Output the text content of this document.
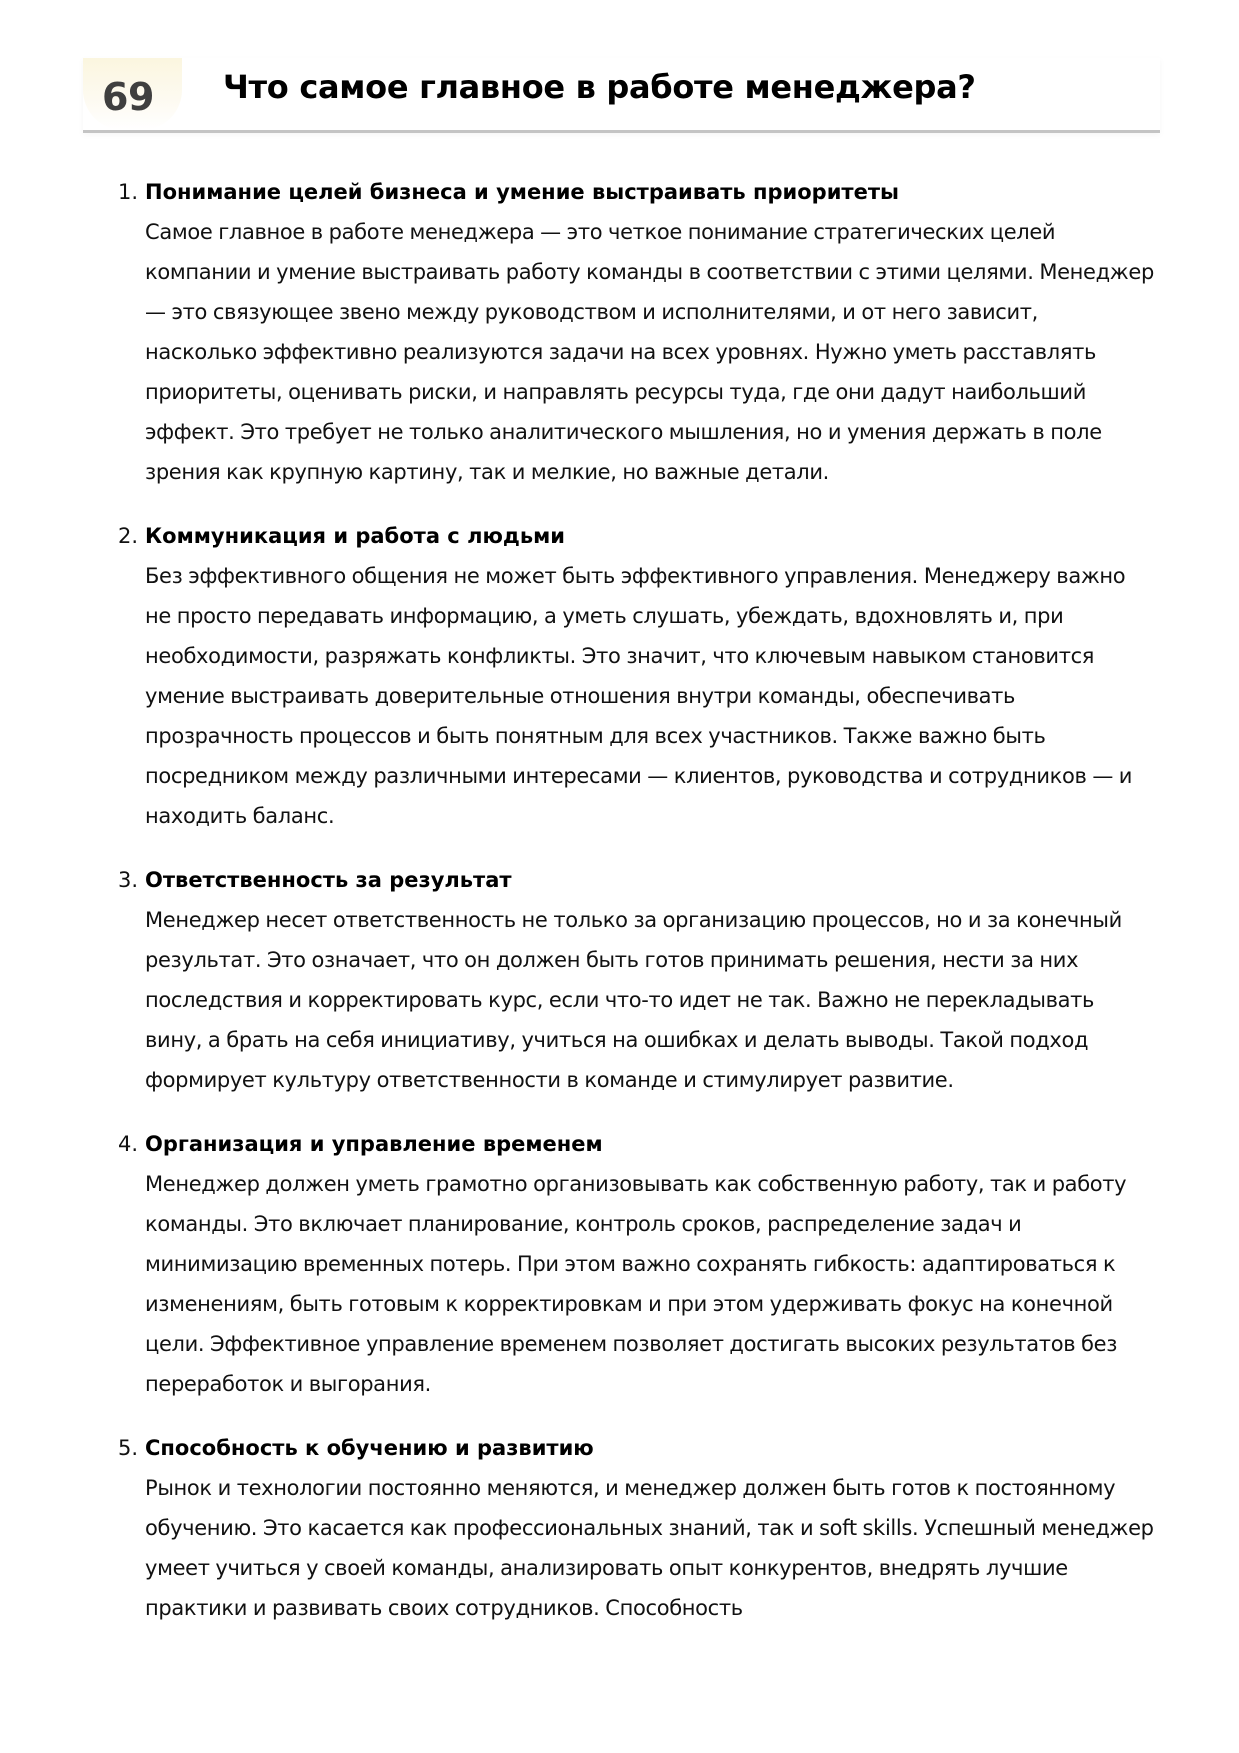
69 Что самое главное в работе менеджера?
1. Понимание целей бизнеса и умение выстраивать приоритеты

Самое главное в работе менеджера — это четкое понимание стратегических целей компании и умение выстраивать работу команды в соответствии с этими целями. Менеджер — это связующее звено между руководством и исполнителями, и от него зависит, насколько эффективно реализуются задачи на всех уровнях. Нужно уметь расставлять приоритеты, оценивать риски, и направлять ресурсы туда, где они дадут наибольший эффект. Это требует не только аналитического мышления, но и умения держать в поле зрения как крупную картину, так и мелкие, но важные детали.

2. Коммуникация и работа с людьми

Без эффективного общения не может быть эффективного управления. Менеджеру важно не просто передавать информацию, а уметь слушать, убеждать, вдохновлять и, при необходимости, разряжать конфликты. Это значит, что ключевым навыком становится умение выстраивать доверительные отношения внутри команды, обеспечивать прозрачность процессов и быть понятным для всех участников. Также важно быть посредником между различными интересами — клиентов, руководства и сотрудников — и находить баланс.

3. Ответственность за результат

Менеджер несет ответственность не только за организацию процессов, но и за конечный результат. Это означает, что он должен быть готов принимать решения, нести за них последствия и корректировать курс, если что-то идет не так. Важно не перекладывать вину, а брать на себя инициативу, учиться на ошибках и делать выводы. Такой подход формирует культуру ответственности в команде и стимулирует развитие.

4. Организация и управление временем

Менеджер должен уметь грамотно организовывать как собственную работу, так и работу команды. Это включает планирование, контроль сроков, распределение задач и минимизацию временных потерь. При этом важно сохранять гибкость: адаптироваться к изменениям, быть готовым к корректировкам и при этом удерживать фокус на конечной цели. Эффективное управление временем позволяет достигать высоких результатов без переработок и выгорания.

5. Способность к обучению и развитию

Рынок и технологии постоянно меняются, и менеджер должен быть готов к постоянному обучению. Это касается как профессиональных знаний, так и soft skills. Успешный менеджер умеет учиться у своей команды, анализировать опыт конкурентов, внедрять лучшие практики и развивать своих сотрудников. Способность
